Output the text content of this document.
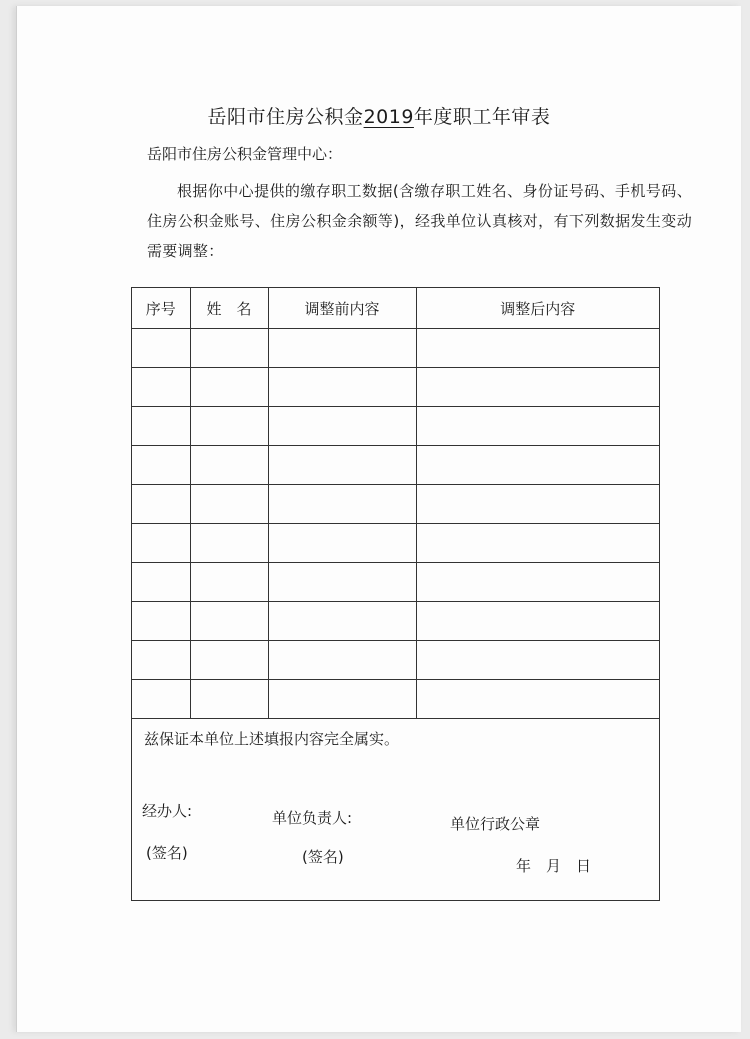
岳阳市住房公积金2019年度职工年审表
岳阳市住房公积金管理中心：
根据你中心提供的缴存职工数据(含缴存职工姓名、身份证号码、手机号码、住房公积金账号、住房公积金余额等)，经我单位认真核对，有下列数据发生变动需要调整：
序号	姓　名	调整前内容	调整后内容

兹保证本单位上述填报内容完全属实。
经办人:
(签名)
单位负责人:
(签名)
单位行政公章
年　月　日
